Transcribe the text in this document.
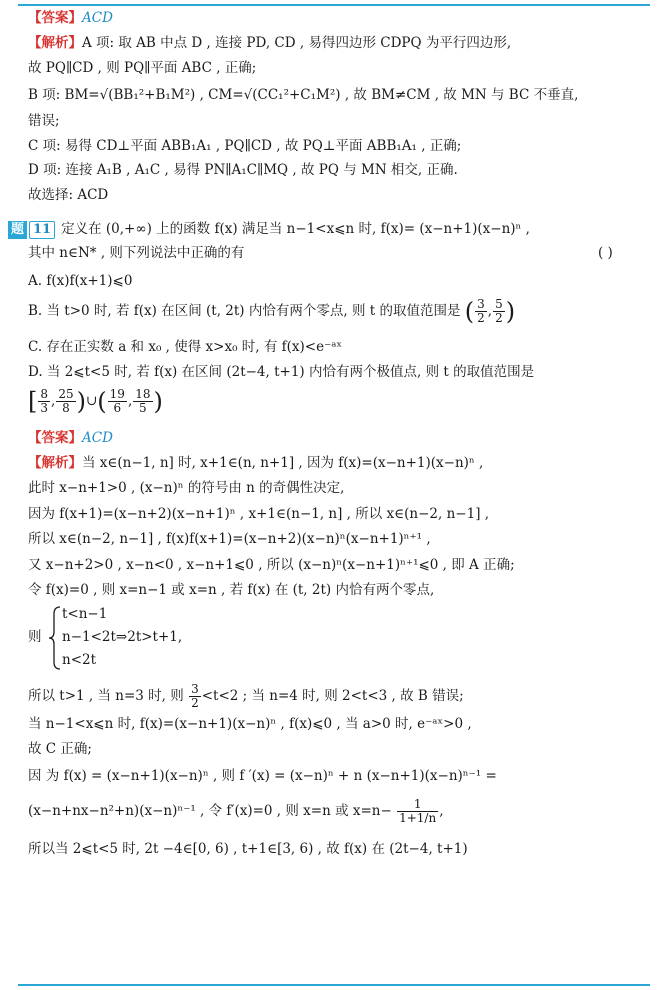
【答案】ACD
【解析】A 项: 取 AB 中点 D , 连接 PD, CD , 易得四边形 CDPQ 为平行四边形,
故 PQ∥CD , 则 PQ∥平面 ABC , 正确;
B 项: BM=√(BB₁²+B₁M²) , CM=√(CC₁²+C₁M²) , 故 BM≠CM , 故 MN 与 BC 不垂直,
错误;
C 项: 易得 CD⊥平面 ABB₁A₁ , PQ∥CD , 故 PQ⊥平面 ABB₁A₁ , 正确;
D 项: 连接 A₁B , A₁C , 易得 PN∥A₁C∥MQ , 故 PQ 与 MN 相交, 正确.
故选择: ACD
题 11 定义在 (0,+∞) 上的函数 f(x) 满足当 n−1<x⩽n 时, f(x)= (x−n+1)(x−n)ⁿ ,
其中 n∈N* , 则下列说法中正确的有	( )
A. f(x)f(x+1)⩽0
B. 当 t>0 时, 若 f(x) 在区间 (t, 2t) 内恰有两个零点, 则 t 的取值范围是 ( $\frac{3}{2}$ , $\frac{5}{2}$ )
C. 存在正实数 a 和 x₀ , 使得 x>x₀ 时, 有 f(x)<e⁻ᵃˣ
D. 当 2⩽t<5 时, 若 f(x) 在区间 (2t−4, t+1) 内恰有两个极值点, 则 t 的取值范围是
[ $\frac{8}{3}$ , $\frac{25}{8}$ )∪( $\frac{19}{6}$ , $\frac{18}{5}$ )
【答案】ACD
【解析】当 x∈(n−1, n] 时, x+1∈(n, n+1] , 因为 f(x)=(x−n+1)(x−n)ⁿ ,
此时 x−n+1>0 , (x−n)ⁿ 的符号由 n 的奇偶性决定,
因为 f(x+1)=(x−n+2)(x−n+1)ⁿ , x+1∈(n−1, n] , 所以 x∈(n−2, n−1] ,
所以 x∈(n−2, n−1] , f(x)f(x+1)=(x−n+2)(x−n)ⁿ(x−n+1)ⁿ⁺¹ ,
又 x−n+2>0 , x−n<0 , x−n+1⩽0 , 所以 (x−n)ⁿ(x−n+1)ⁿ⁺¹⩽0 , 即 A 正确;
令 f(x)=0 , 则 x=n−1 或 x=n , 若 f(x) 在 (t, 2t) 内恰有两个零点,
则
t<n−1
n−1<2t⇒2t>t+1,
n<2t
所以 t>1 , 当 n=3 时, 则 $\frac{3}{2} <t<2$ ; 当 n=4 时, 则 2<t<3 , 故 B 错误;
当 n−1<x⩽n 时, f(x)=(x−n+1)(x−n)ⁿ , f(x)⩽0 , 当 a>0 时, e⁻ᵃˣ>0 ,
故 C 正确;
因 为 f(x) = (x−n+1)(x−n)ⁿ , 则 f ′(x) = (x−n)ⁿ + n (x−n+1)(x−n)ⁿ⁻¹ =
(x−n+nx−n²+n)(x−n)ⁿ⁻¹ , 令 f′(x)=0 , 则 x=n 或 $x=n- \frac{1}{1+1/n}$ ,
所以当 2⩽t<5 时, 2t −4∈[0, 6) , t+1∈[3, 6) , 故 f(x) 在 (2t−4, t+1)
